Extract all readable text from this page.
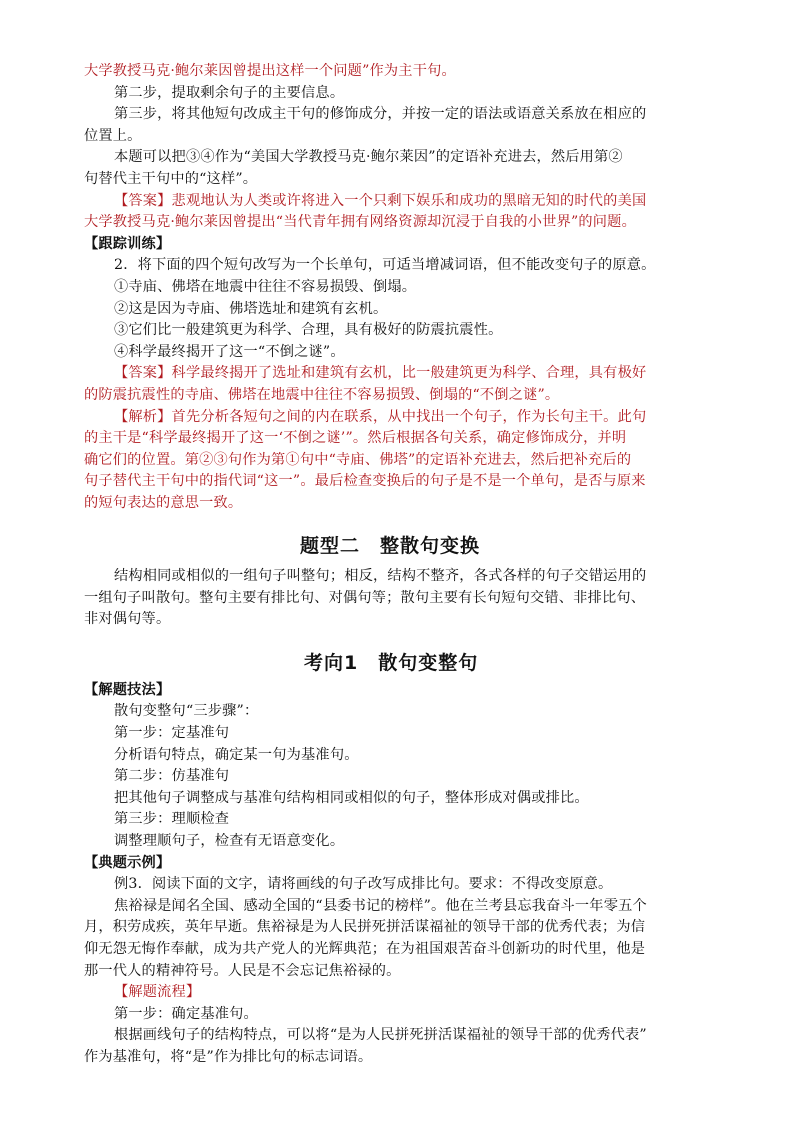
大学教授马克·鲍尔莱因曾提出这样一个问题”作为主干句。
第二步，提取剩余句子的主要信息。
第三步，将其他短句改成主干句的修饰成分，并按一定的语法或语意关系放在相应的
位置上。
本题可以把③④作为“美国大学教授马克·鲍尔莱因”的定语补充进去，然后用第②
句替代主干句中的“这样”。
【答案】悲观地认为人类或许将进入一个只剩下娱乐和成功的黑暗无知的时代的美国
大学教授马克·鲍尔莱因曾提出“当代青年拥有网络资源却沉浸于自我的小世界”的问题。
【跟踪训练】
2．将下面的四个短句改写为一个长单句，可适当增减词语，但不能改变句子的原意。
①寺庙、佛塔在地震中往往不容易损毁、倒塌。
②这是因为寺庙、佛塔选址和建筑有玄机。
③它们比一般建筑更为科学、合理，具有极好的防震抗震性。
④科学最终揭开了这一“不倒之谜”。
【答案】科学最终揭开了选址和建筑有玄机，比一般建筑更为科学、合理，具有极好
的防震抗震性的寺庙、佛塔在地震中往往不容易损毁、倒塌的“不倒之谜”。
【解析】首先分析各短句之间的内在联系，从中找出一个句子，作为长句主干。此句
的主干是“科学最终揭开了这一‘不倒之谜’”。然后根据各句关系，确定修饰成分，并明
确它们的位置。第②③句作为第①句中“寺庙、佛塔”的定语补充进去，然后把补充后的
句子替代主干句中的指代词“这一”。最后检查变换后的句子是不是一个单句，是否与原来
的短句表达的意思一致。
题型二　整散句变换
结构相同或相似的一组句子叫整句；相反，结构不整齐，各式各样的句子交错运用的
一组句子叫散句。整句主要有排比句、对偶句等；散句主要有长句短句交错、非排比句、
非对偶句等。
考向1　散句变整句
【解题技法】
散句变整句“三步骤”：
第一步：定基准句
分析语句特点，确定某一句为基准句。
第二步：仿基准句
把其他句子调整成与基准句结构相同或相似的句子，整体形成对偶或排比。
第三步：理顺检查
调整理顺句子，检查有无语意变化。
【典题示例】
例3．阅读下面的文字，请将画线的句子改写成排比句。要求：不得改变原意。
焦裕禄是闻名全国、感动全国的“县委书记的榜样”。他在兰考县忘我奋斗一年零五个
月，积劳成疾，英年早逝。焦裕禄是为人民拼死拼活谋福祉的领导干部的优秀代表；为信
仰无怨无悔作奉献，成为共产党人的光辉典范；在为祖国艰苦奋斗创新功的时代里，他是
那一代人的精神符号。人民是不会忘记焦裕禄的。
【解题流程】
第一步：确定基准句。
根据画线句子的结构特点，可以将“是为人民拼死拼活谋福祉的领导干部的优秀代表”
作为基准句，将“是”作为排比句的标志词语。
